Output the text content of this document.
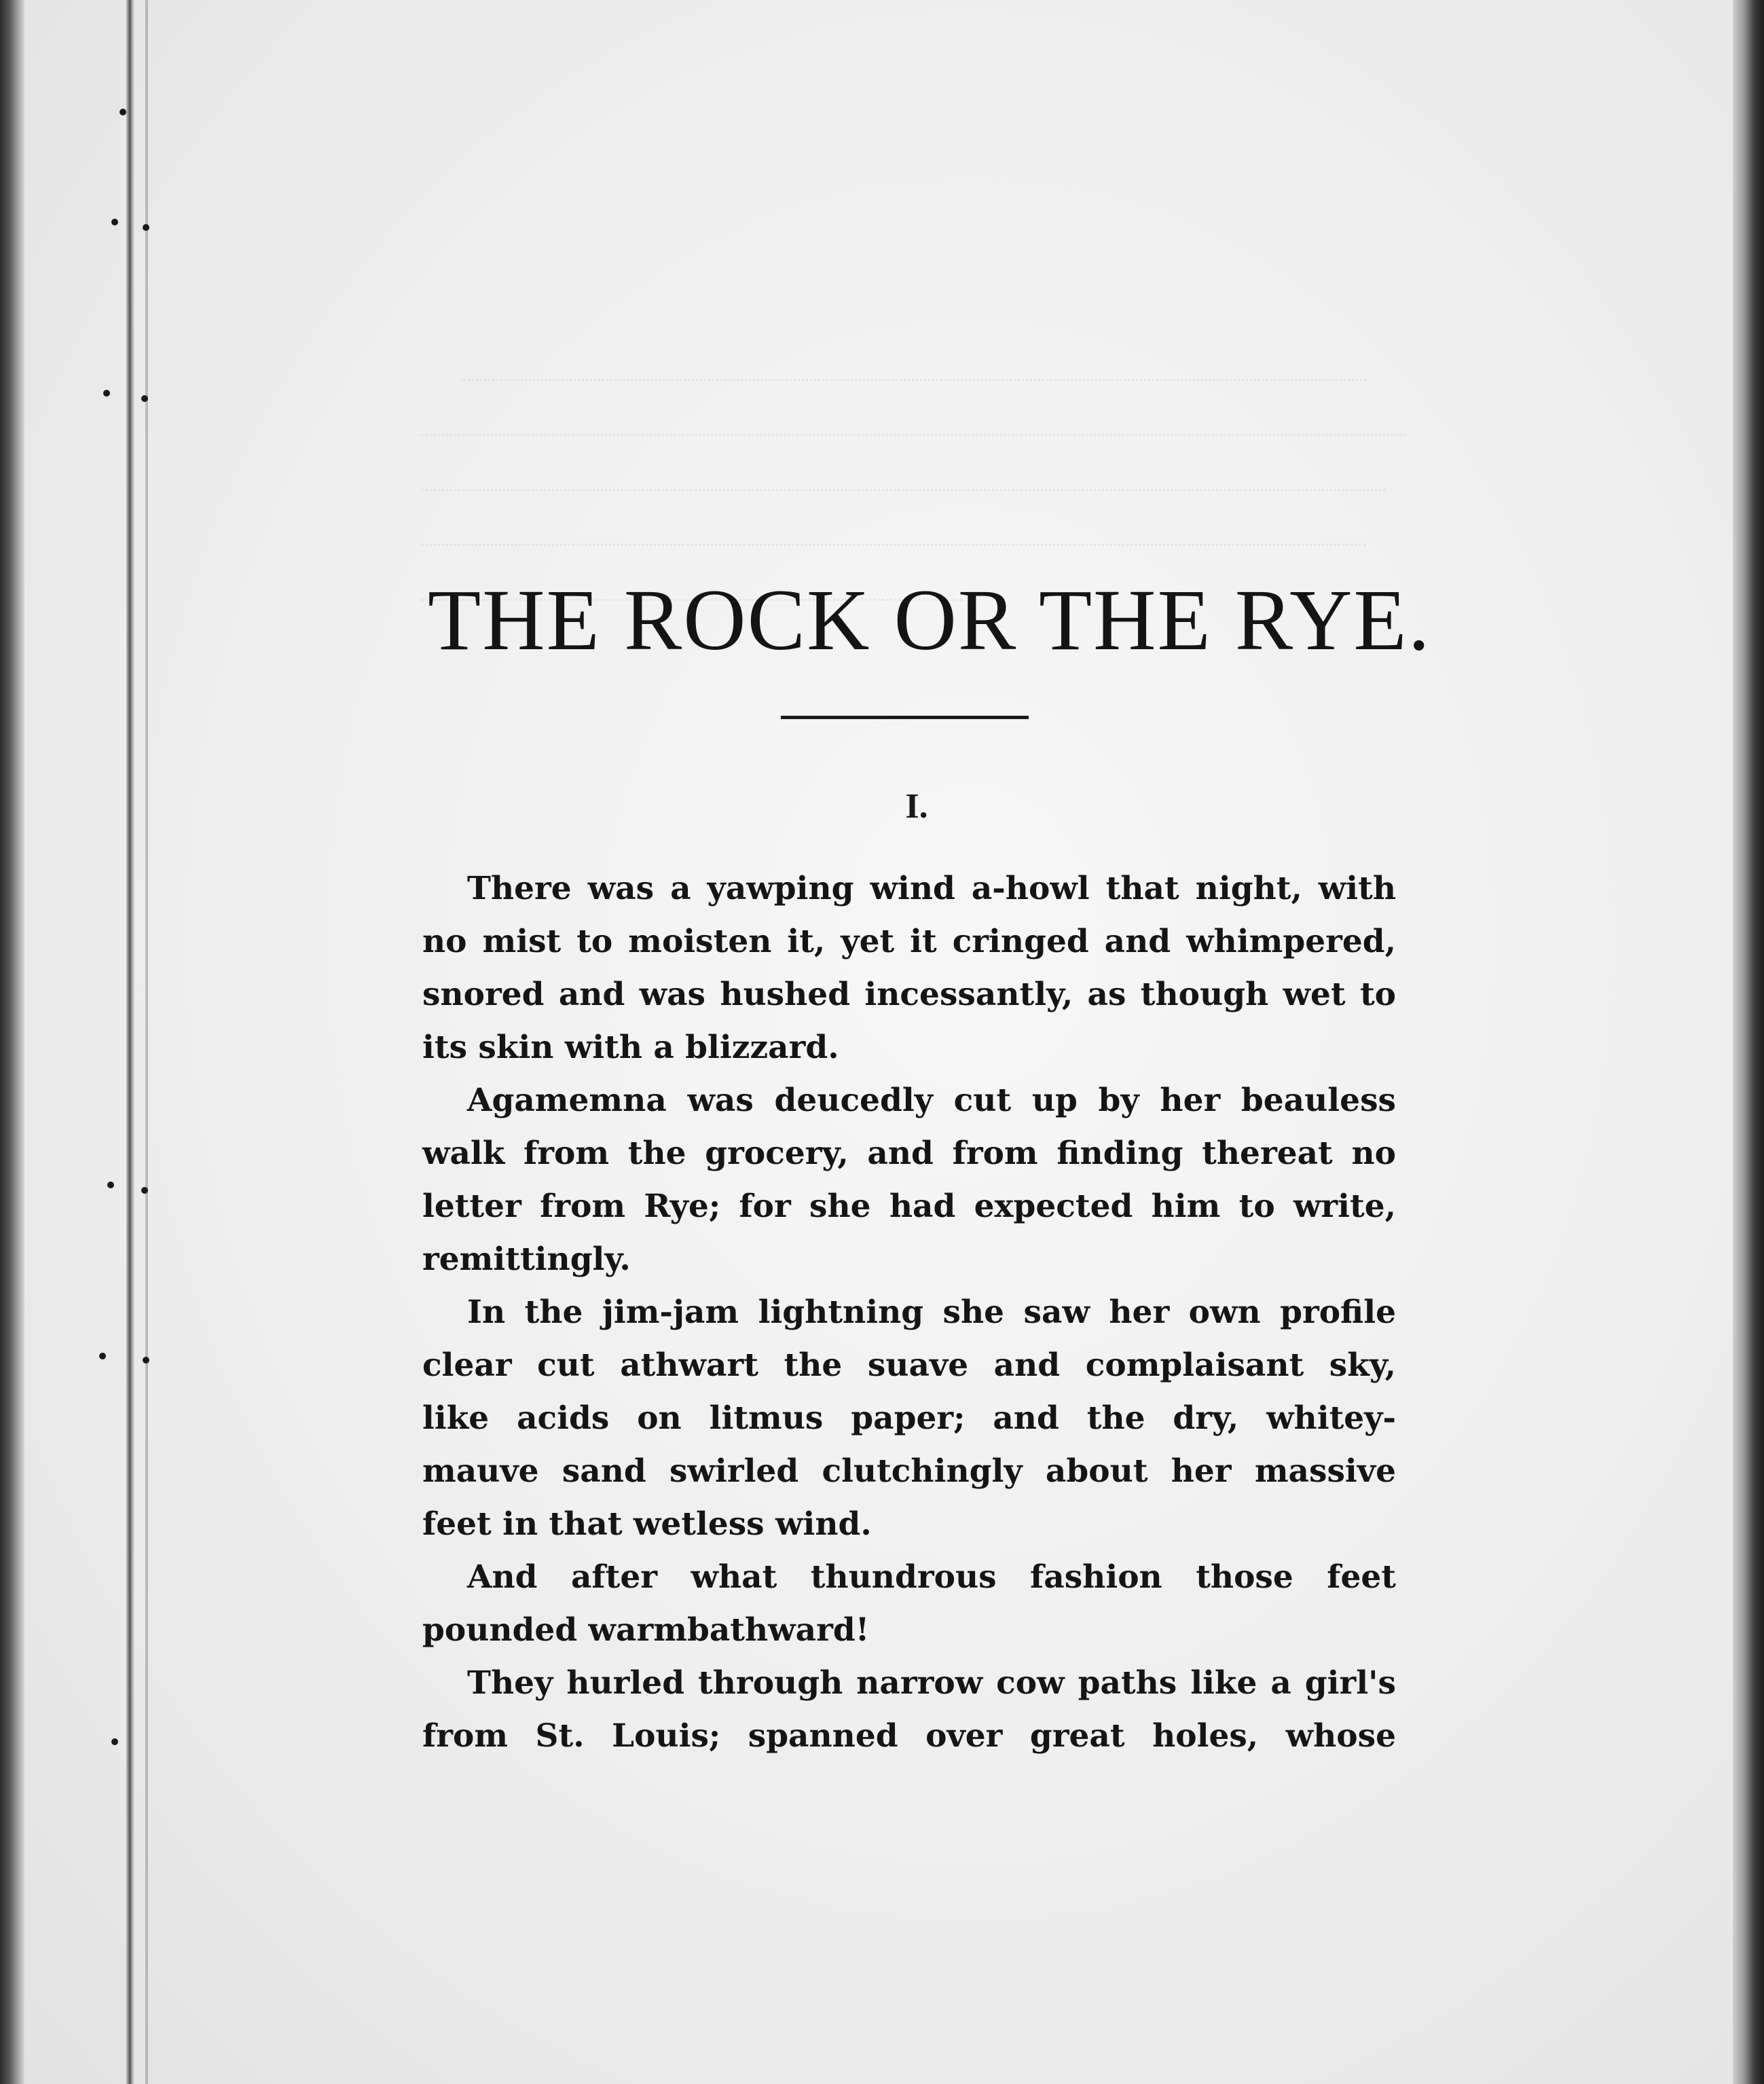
THE ROCK OR THE RYE.
I.
There was a yawping wind a-howl that night, with
no mist to moisten it, yet it cringed and whimpered,
snored and was hushed incessantly, as though wet to
its skin with a blizzard.
Agamemna was deucedly cut up by her beauless
walk from the grocery, and from finding thereat no
letter from Rye; for she had expected him to write,
remittingly.
In the jim-jam lightning she saw her own profile
clear cut athwart the suave and complaisant sky,
like acids on litmus paper; and the dry, whitey-
mauve sand swirled clutchingly about her massive
feet in that wetless wind.
And after what thundrous fashion those feet
pounded warmbathward!
They hurled through narrow cow paths like a girl's
from St. Louis; spanned over great holes, whose
